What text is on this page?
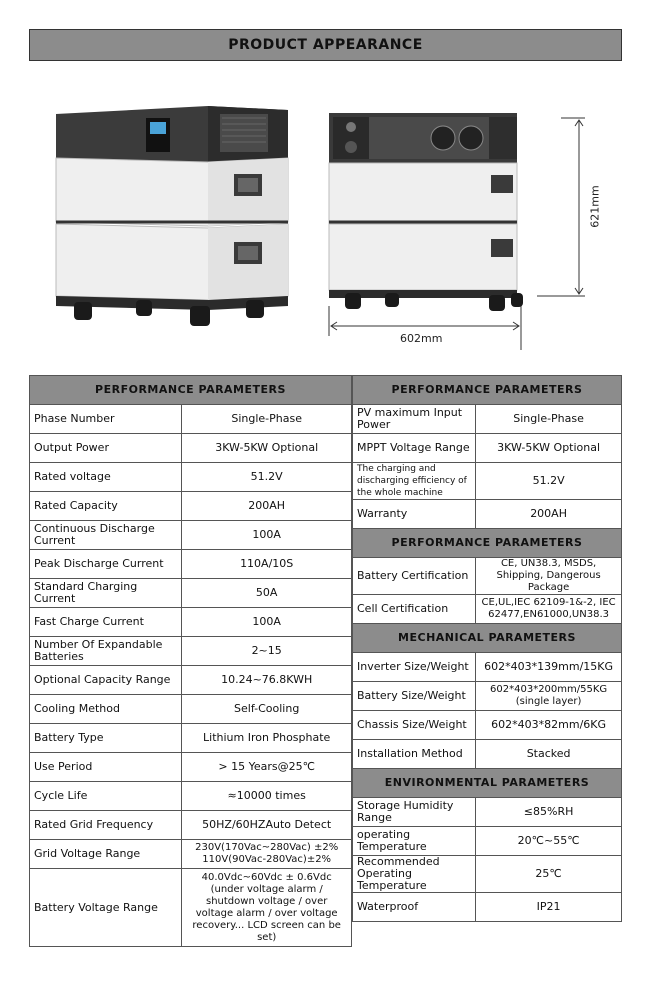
PRODUCT APPEARANCE
602mm
621mm
PERFORMANCE PARAMETERS	
Phase Number	Single-Phase
Output Power	3KW-5KW Optional
Rated voltage	51.2V
Rated Capacity	200AH
Continuous Discharge Current	100A
Peak Discharge Current	110A/10S
Standard Charging Current	50A
Fast Charge Current	100A
Number Of Expandable Batteries	2~15
Optional Capacity Range	10.24~76.8KWH
Cooling Method	Self-Cooling
Battery Type	Lithium Iron Phosphate
Use Period	> 15 Years@25℃
Cycle Life	≈10000 times
Rated Grid Frequency	50HZ/60HZAuto Detect
Grid Voltage Range	230V(170Vac~280Vac) ±2% 110V(90Vac-280Vac)±2%
Battery Voltage Range	40.0Vdc~60Vdc ± 0.6Vdc (under voltage alarm / shutdown voltage / over voltage alarm / over voltage recovery... LCD screen can be set)
PERFORMANCE PARAMETERS	
PV maximum Input Power	Single-Phase
MPPT Voltage Range	3KW-5KW Optional
The charging and discharging efficiency of the whole machine	51.2V
Warranty	200AH
PERFORMANCE PARAMETERS	
Battery Certification	CE, UN38.3, MSDS, Shipping, Dangerous Package
Cell Certification	CE,UL,IEC 62109-1&-2, IEC 62477,EN61000,UN38.3
MECHANICAL PARAMETERS	
Inverter Size/Weight	602*403*139mm/15KG
Battery Size/Weight	602*403*200mm/55KG (single layer)
Chassis Size/Weight	602*403*82mm/6KG
Installation Method	Stacked
ENVIRONMENTAL PARAMETERS	
Storage Humidity Range	≤85%RH
operating Temperature	20℃~55℃
Recommended Operating Temperature	25℃
Waterproof	IP21
